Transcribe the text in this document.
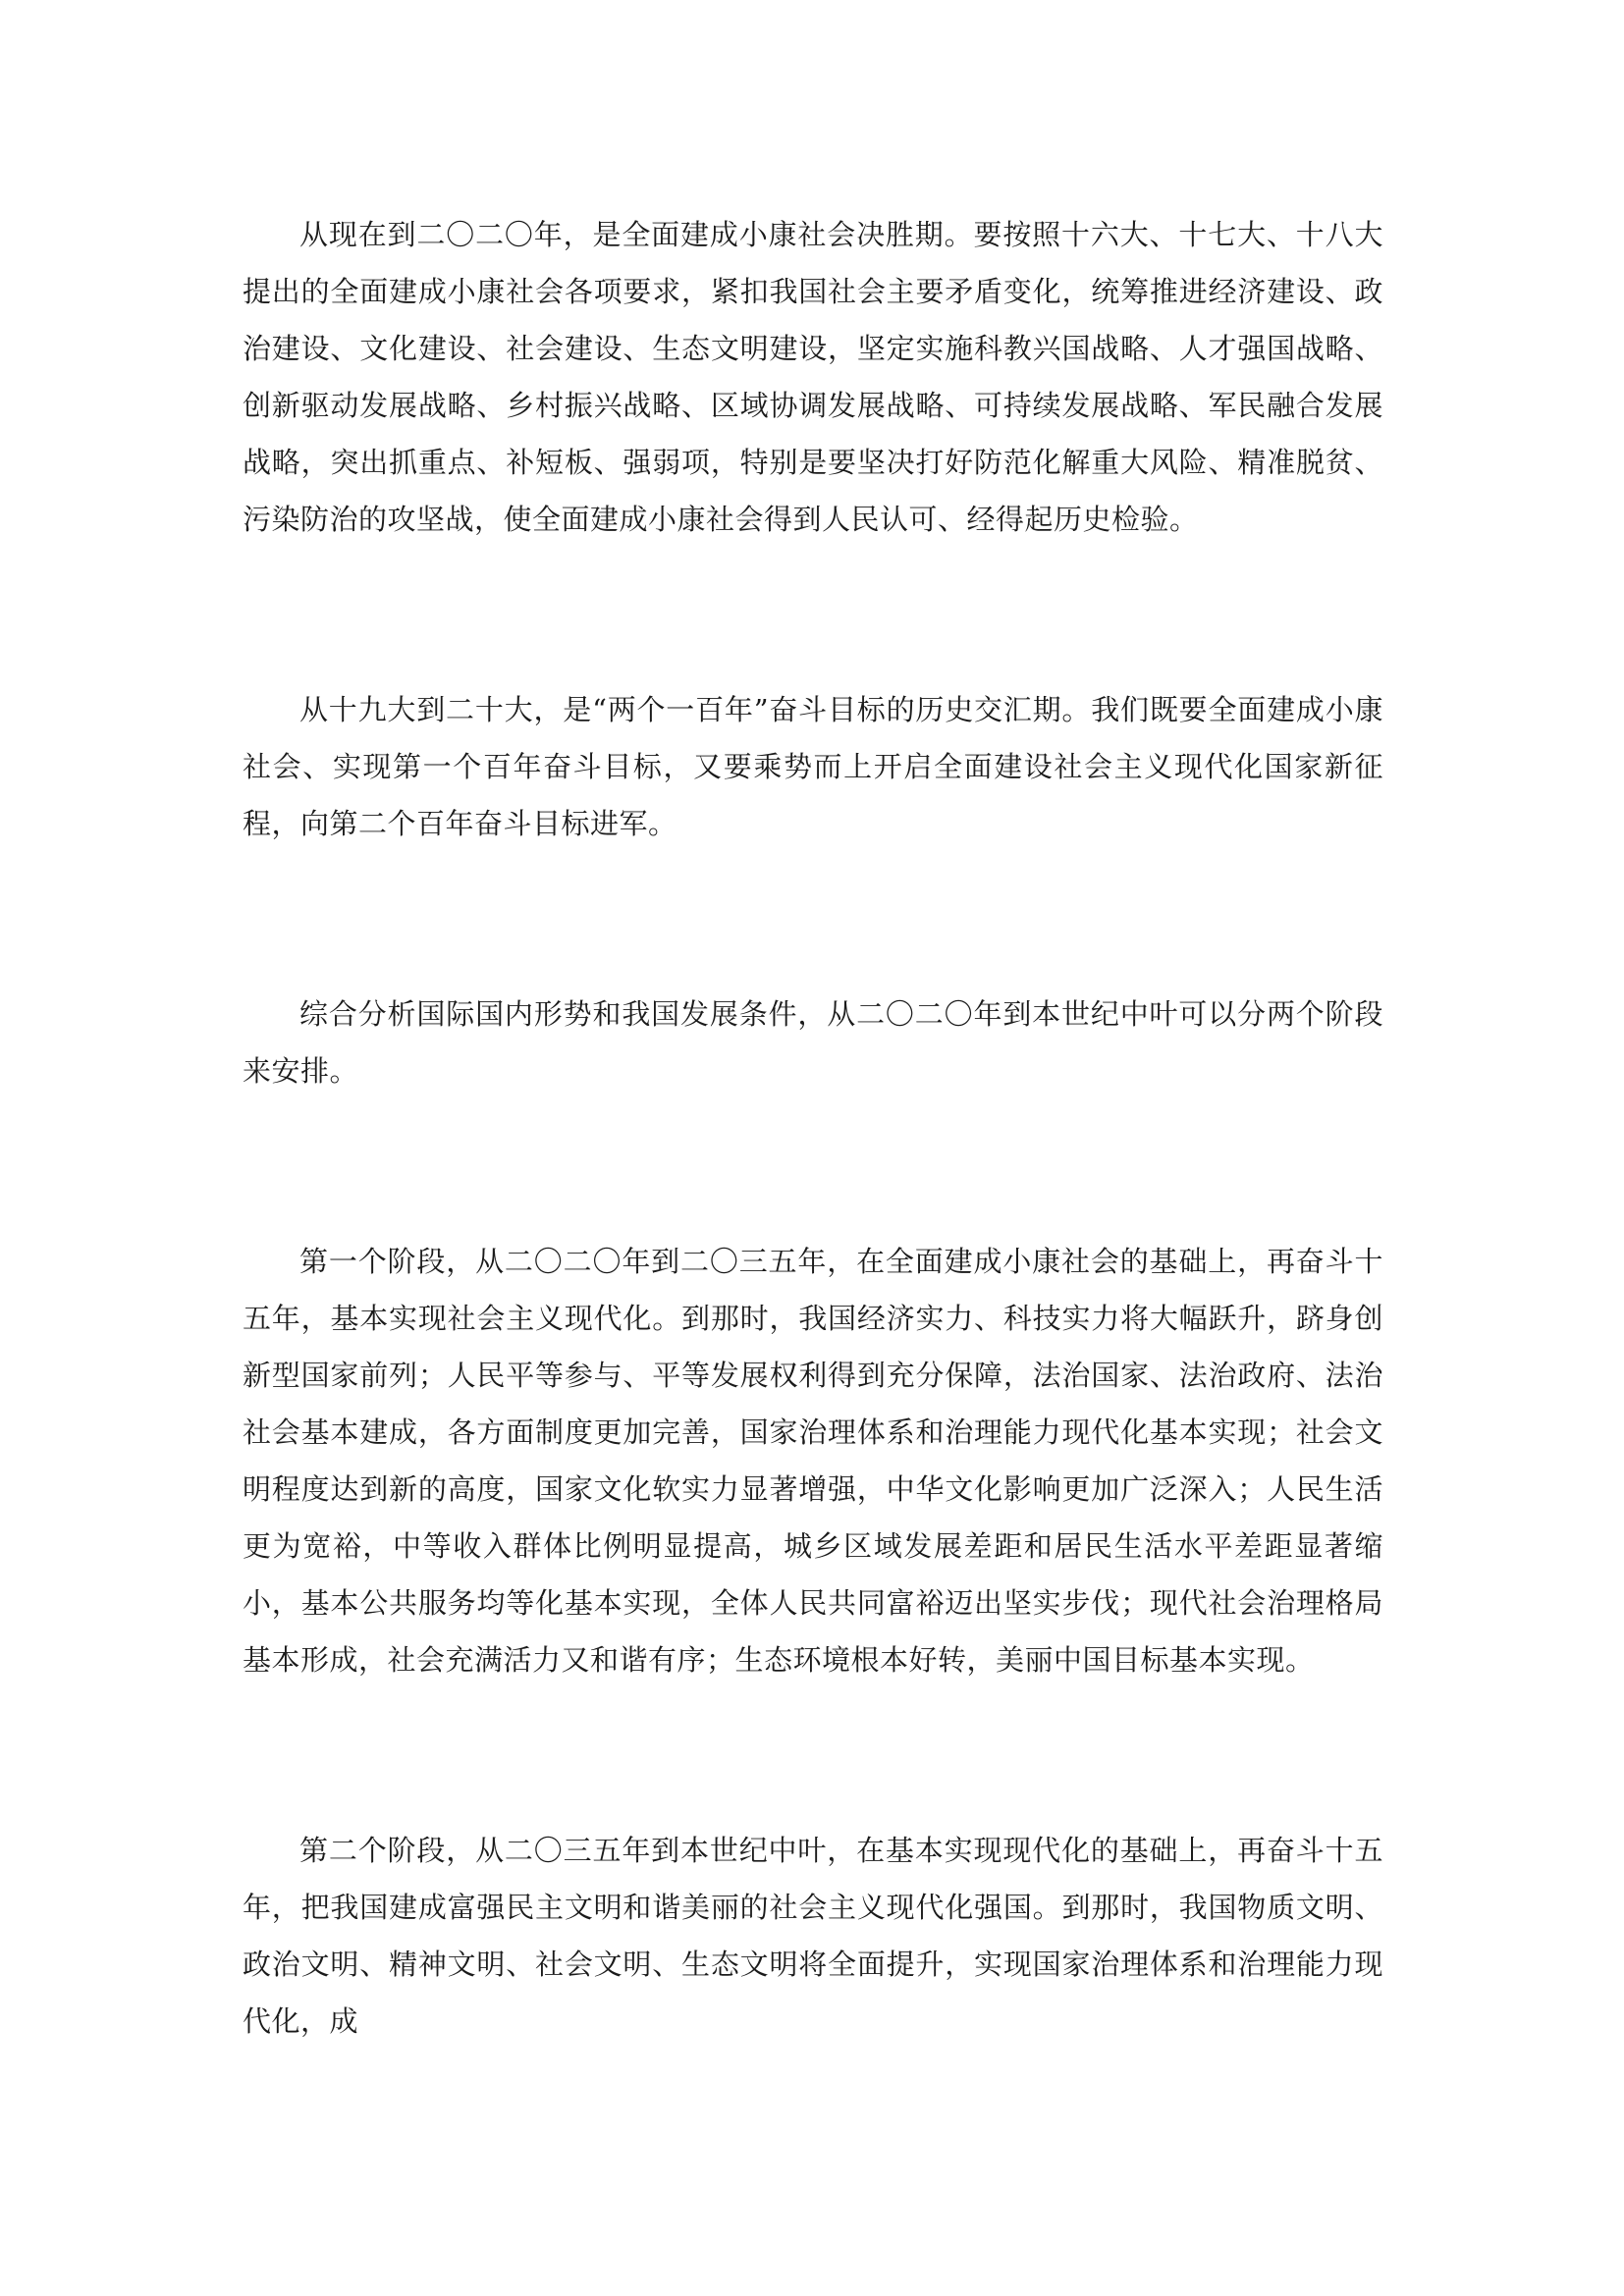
从现在到二〇二〇年，是全面建成小康社会决胜期。要按照十六大、十七大、十八大提出的全面建成小康社会各项要求，紧扣我国社会主要矛盾变化，统筹推进经济建设、政治建设、文化建设、社会建设、生态文明建设，坚定实施科教兴国战略、人才强国战略、创新驱动发展战略、乡村振兴战略、区域协调发展战略、可持续发展战略、军民融合发展战略，突出抓重点、补短板、强弱项，特别是要坚决打好防范化解重大风险、精准脱贫、污染防治的攻坚战，使全面建成小康社会得到人民认可、经得起历史检验。

从十九大到二十大，是“两个一百年”奋斗目标的历史交汇期。我们既要全面建成小康社会、实现第一个百年奋斗目标，又要乘势而上开启全面建设社会主义现代化国家新征程，向第二个百年奋斗目标进军。

综合分析国际国内形势和我国发展条件，从二〇二〇年到本世纪中叶可以分两个阶段来安排。

第一个阶段，从二〇二〇年到二〇三五年，在全面建成小康社会的基础上，再奋斗十五年，基本实现社会主义现代化。到那时，我国经济实力、科技实力将大幅跃升，跻身创新型国家前列；人民平等参与、平等发展权利得到充分保障，法治国家、法治政府、法治社会基本建成，各方面制度更加完善，国家治理体系和治理能力现代化基本实现；社会文明程度达到新的高度，国家文化软实力显著增强，中华文化影响更加广泛深入；人民生活更为宽裕，中等收入群体比例明显提高，城乡区域发展差距和居民生活水平差距显著缩小，基本公共服务均等化基本实现，全体人民共同富裕迈出坚实步伐；现代社会治理格局基本形成，社会充满活力又和谐有序；生态环境根本好转，美丽中国目标基本实现。

第二个阶段，从二〇三五年到本世纪中叶，在基本实现现代化的基础上，再奋斗十五年，把我国建成富强民主文明和谐美丽的社会主义现代化强国。到那时，我国物质文明、政治文明、精神文明、社会文明、生态文明将全面提升，实现国家治理体系和治理能力现代化，成
